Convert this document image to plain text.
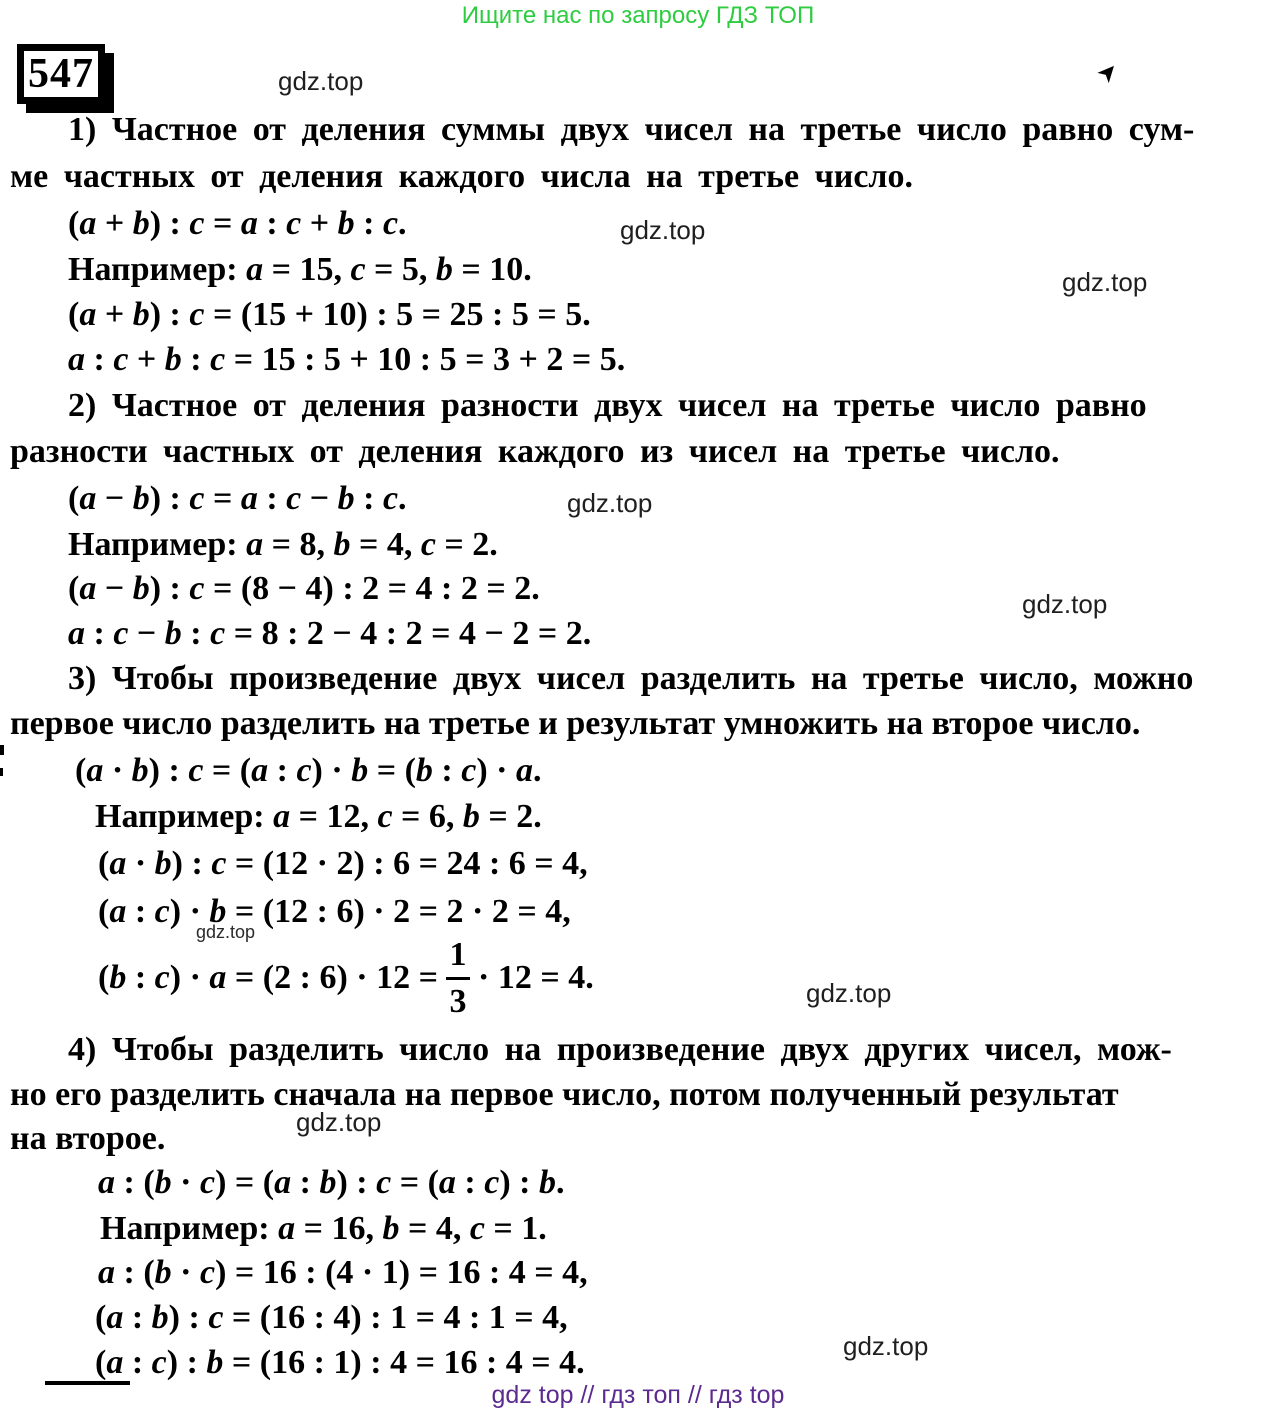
Ищите нас по запросу ГДЗ ТОП
547	➤
gdz.top
gdz.top
gdz.top
gdz.top
gdz.top
gdz.top
gdz.top
gdz.top
gdz.top
1) Частное от деления суммы двух чисел на третье число равно сум-
ме частных от деления каждого числа на третье число.
(a + b) : c = a : c + b : c.
Например: a = 15, c = 5, b = 10.
(a + b) : c = (15 + 10) : 5 = 25 : 5 = 5.
a : c + b : c = 15 : 5 + 10 : 5 = 3 + 2 = 5.
2) Частное от деления разности двух чисел на третье число равно
разности частных от деления каждого из чисел на третье число.
(a − b) : c = a : c − b : c.
Например: a = 8, b = 4, c = 2.
(a − b) : c = (8 − 4) : 2 = 4 : 2 = 2.
a : c − b : c = 8 : 2 − 4 : 2 = 4 − 2 = 2.
3) Чтобы произведение двух чисел разделить на третье число, можно
первое число разделить на третье и результат умножить на второе число.
(a · b) : c = (a : c) · b = (b : c) · a.
Например: a = 12, c = 6, b = 2.
(a · b) : c = (12 · 2) : 6 = 24 : 6 = 4,
(a : c) · b = (12 : 6) · 2 = 2 · 2 = 4,
(b : c) · a = (2 : $6) \cdot 12 = \frac{1}{3} \cdot 12 = 4$.
4) Чтобы разделить число на произведение двух других чисел, мож-
но его разделить сначала на первое число, потом полученный результат
на второе.
a : (b · c) = (a : b) : c = (a : c) : b.
Например: a = 16, b = 4, c = 1.
a : (b · c) = 16 : (4 · 1) = 16 : 4 = 4,
(a : b) : c = (16 : 4) : 1 = 4 : 1 = 4,
(a : c) : b = (16 : 1) : 4 = 16 : 4 = 4.
gdz top // гдз топ // гдз top
